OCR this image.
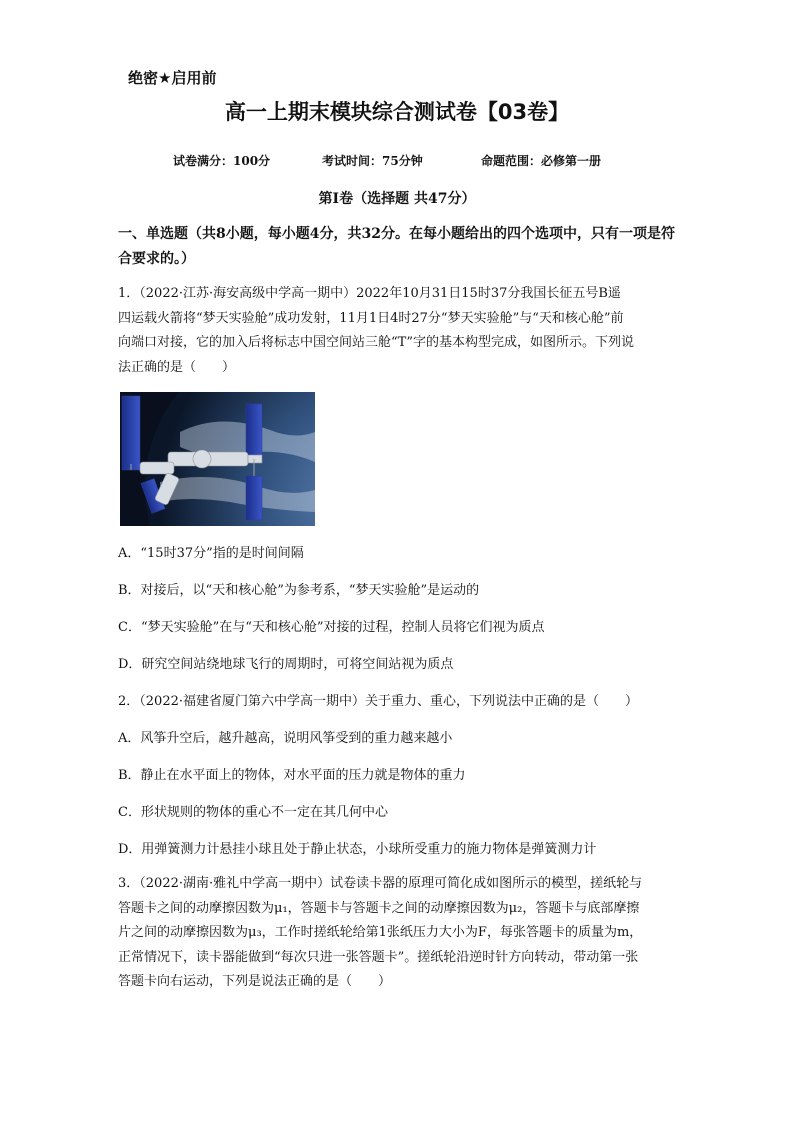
绝密★启用前
高一上期末模块综合测试卷【03卷】
试卷满分：100分	考试时间：75分钟	命题范围：必修第一册
第Ⅰ卷（选择题 共47分）
一、单选题（共8小题，每小题4分，共32分。在每小题给出的四个选项中，只有一项是符合要求的。）
1．（2022·江苏·海安高级中学高一期中）2022年10月31日15时37分我国长征五号B遥
四运载火箭将“梦天实验舱”成功发射，11月1日4时27分“梦天实验舱”与“天和核心舱”前
向端口对接，它的加入后将标志中国空间站三舱“T”字的基本构型完成，如图所示。下列说
法正确的是（　　）
A．“15时37分”指的是时间间隔
B．对接后，以“天和核心舱”为参考系，“梦天实验舱”是运动的
C．“梦天实验舱”在与“天和核心舱”对接的过程，控制人员将它们视为质点
D．研究空间站绕地球飞行的周期时，可将空间站视为质点
2．（2022·福建省厦门第六中学高一期中）关于重力、重心，下列说法中正确的是（　　）
A．风筝升空后，越升越高，说明风筝受到的重力越来越小
B．静止在水平面上的物体，对水平面的压力就是物体的重力
C．形状规则的物体的重心不一定在其几何中心
D．用弹簧测力计悬挂小球且处于静止状态，小球所受重力的施力物体是弹簧测力计
3．（2022·湖南·雅礼中学高一期中）试卷读卡器的原理可简化成如图所示的模型，搓纸轮与
答题卡之间的动摩擦因数为μ₁，答题卡与答题卡之间的动摩擦因数为μ₂，答题卡与底部摩擦
片之间的动摩擦因数为μ₃，工作时搓纸轮给第1张纸压力大小为F，每张答题卡的质量为m，
正常情况下，读卡器能做到“每次只进一张答题卡”。搓纸轮沿逆时针方向转动，带动第一张
答题卡向右运动，下列是说法正确的是（　　）
